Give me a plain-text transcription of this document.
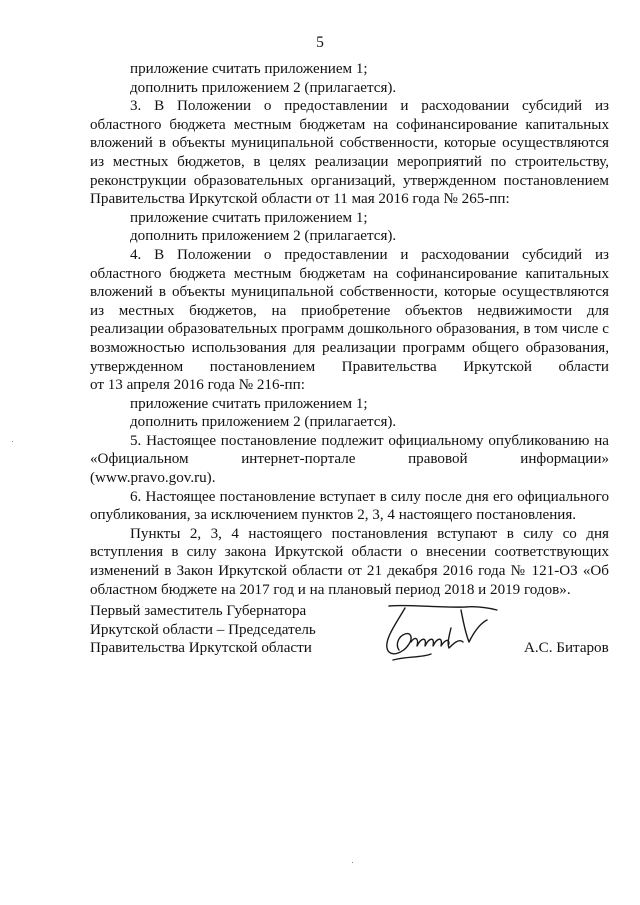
5

приложение считать приложением 1;

дополнить приложением 2 (прилагается).

3. В Положении о предоставлении и расходовании субсидий из областного бюджета местным бюджетам на софинансирование капитальных вложений в объекты муниципальной собственности, которые осуществляются из местных бюджетов, в целях реализации мероприятий по строительству, реконструкции образовательных организаций, утвержденном постановлением Правительства Иркутской области от 11 мая 2016 года № 265-пп:

приложение считать приложением 1;

дополнить приложением 2 (прилагается).

4. В Положении о предоставлении и расходовании субсидий из областного бюджета местным бюджетам на софинансирование капитальных вложений в объекты муниципальной собственности, которые осуществляются из местных бюджетов, на приобретение объектов недвижимости для реализации образовательных программ дошкольного образования, в том числе с возможностью использования для реализации программ общего образования, утвержденном постановлением Правительства Иркутской области

от 13 апреля 2016 года № 216-пп:

приложение считать приложением 1;

дополнить приложением 2 (прилагается).

5. Настоящее постановление подлежит официальному опубликованию на «Официальном интернет-портале правовой информации»

(www.pravo.gov.ru).

6. Настоящее постановление вступает в силу после дня его официального опубликования, за исключением пунктов 2, 3, 4 настоящего постановления.

Пункты 2, 3, 4 настоящего постановления вступают в силу со дня вступления в силу закона Иркутской области о внесении соответствующих изменений в Закон Иркутской области от 21 декабря 2016 года № 121-ОЗ «Об областном бюджете на 2017 год и на плановый период 2018 и 2019 годов».

Первый заместитель Губернатора
Иркутской области – Председатель
Правительства Иркутской области	А.С. Битаров
